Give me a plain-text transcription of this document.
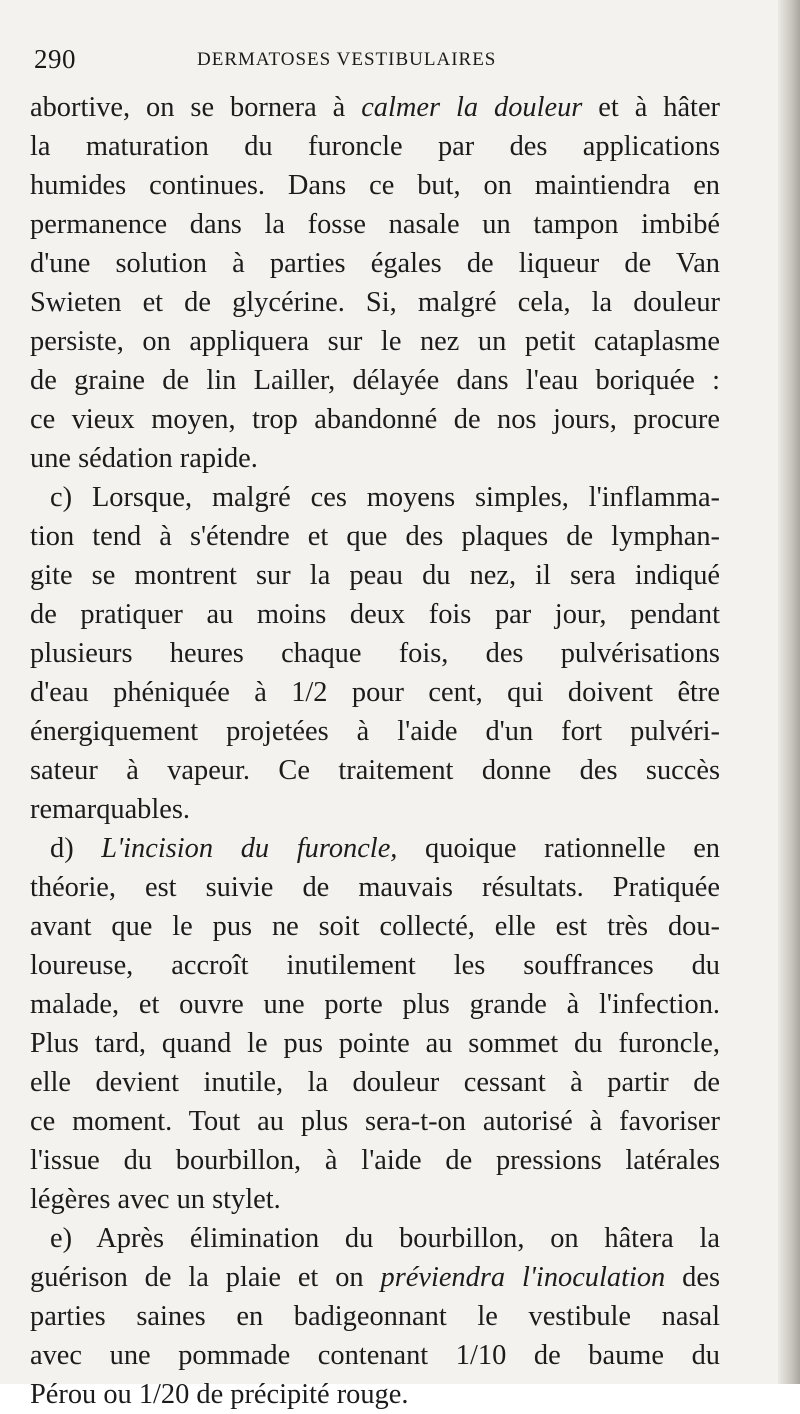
290	DERMATOSES VESTIBULAIRES
abortive, on se bornera à calmer la douleur et à hâter
la maturation du furoncle par des applications
humides continues. Dans ce but, on maintiendra en
permanence dans la fosse nasale un tampon imbibé
d'une solution à parties égales de liqueur de Van
Swieten et de glycérine. Si, malgré cela, la douleur
persiste, on appliquera sur le nez un petit cataplasme
de graine de lin Lailler, délayée dans l'eau boriquée :
ce vieux moyen, trop abandonné de nos jours, procure
une sédation rapide.
c) Lorsque, malgré ces moyens simples, l'inflamma-
tion tend à s'étendre et que des plaques de lymphan-
gite se montrent sur la peau du nez, il sera indiqué
de pratiquer au moins deux fois par jour, pendant
plusieurs heures chaque fois, des pulvérisations
d'eau phéniquée à 1/2 pour cent, qui doivent être
énergiquement projetées à l'aide d'un fort pulvéri-
sateur à vapeur. Ce traitement donne des succès
remarquables.
d) L'incision du furoncle, quoique rationnelle en
théorie, est suivie de mauvais résultats. Pratiquée
avant que le pus ne soit collecté, elle est très dou-
loureuse, accroît inutilement les souffrances du
malade, et ouvre une porte plus grande à l'infection.
Plus tard, quand le pus pointe au sommet du furoncle,
elle devient inutile, la douleur cessant à partir de
ce moment. Tout au plus sera-t-on autorisé à favoriser
l'issue du bourbillon, à l'aide de pressions latérales
légères avec un stylet.
e) Après élimination du bourbillon, on hâtera la
guérison de la plaie et on préviendra l'inoculation des
parties saines en badigeonnant le vestibule nasal
avec une pommade contenant 1/10 de baume du
Pérou ou 1/20 de précipité rouge.
